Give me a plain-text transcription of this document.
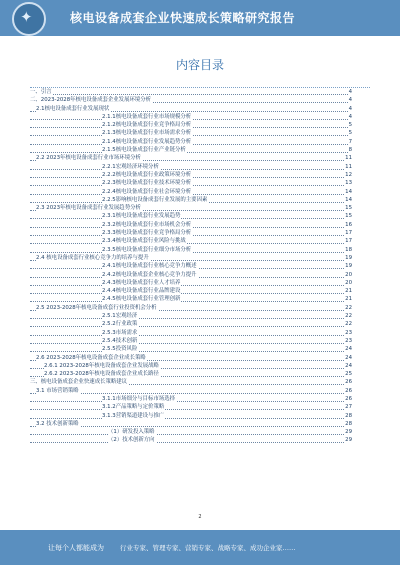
✦	核电设备成套企业快速成长策略研究报告
内容目录
一、引言	4
二、2023-2028年核电设备成套企业发展环境分析	4
2.1核电设备成套行业发展现状	4
2.1.1核电设备成套行业市场规模分析	4
2.1.2核电设备成套行业竞争格局分析	5
2.1.3核电设备成套行业市场需求分析	5
2.1.4核电设备成套行业发展趋势分析	7
2.1.5核电设备成套行业产业链分析	8
2.2 2023年核电设备成套行业市场环境分析	11
2.2.1宏观经济环境分析	11
2.2.2核电设备成套行业政策环境分析	12
2.2.3核电设备成套行业技术环境分析	13
2.2.4核电设备成套行业社会环境分析	14
2.2.5影响核电设备成套行业发展的主要因素	14
2.3 2023年核电设备成套行业发展趋势分析	15
2.3.1核电设备成套行业发展趋势	15
2.3.2核电设备成套行业市场机会分析	16
2.3.3核电设备成套行业竞争格局分析	17
2.3.4核电设备成套行业风险与挑战	17
2.3.5核电设备成套行业细分市场分析	18
2.4 核电设备成套行业核心竞争力的培养与提升	19
2.4.1核电设备成套行业核心竞争力概述	19
2.4.2核电设备成套企业核心竞争力提升	20
2.4.3核电设备成套行业人才培养	20
2.4.4核电设备成套行业品牌建设	21
2.4.5核电设备成套行业管理创新	21
2.5 2023-2028年核电设备成套行业投资机会分析	22
2.5.1宏观经济	22
2.5.2行业政策	22
2.5.3市场需求	23
2.5.4技术创新	23
2.5.5投资风险	24
2.6 2023-2028年核电设备成套企业成长策略	24
2.6.1 2023-2028年核电设备成套企业发展战略	24
2.6.2 2023-2028年核电设备成套企业成长路径	25
三、核电设备成套企业快速成长策略建议	26
3.1 市场营销策略	26
3.1.1市场细分与目标市场选择	26
3.1.2产品策略与定价策略	27
3.1.3营销渠道建设与推广	28
3.2 技术创新策略	28
（1）研发投入策略	29
（2）技术创新方向	29
2
让每个人都能成为 行业专家、管理专家、营销专家、战略专家、成功企业家……
